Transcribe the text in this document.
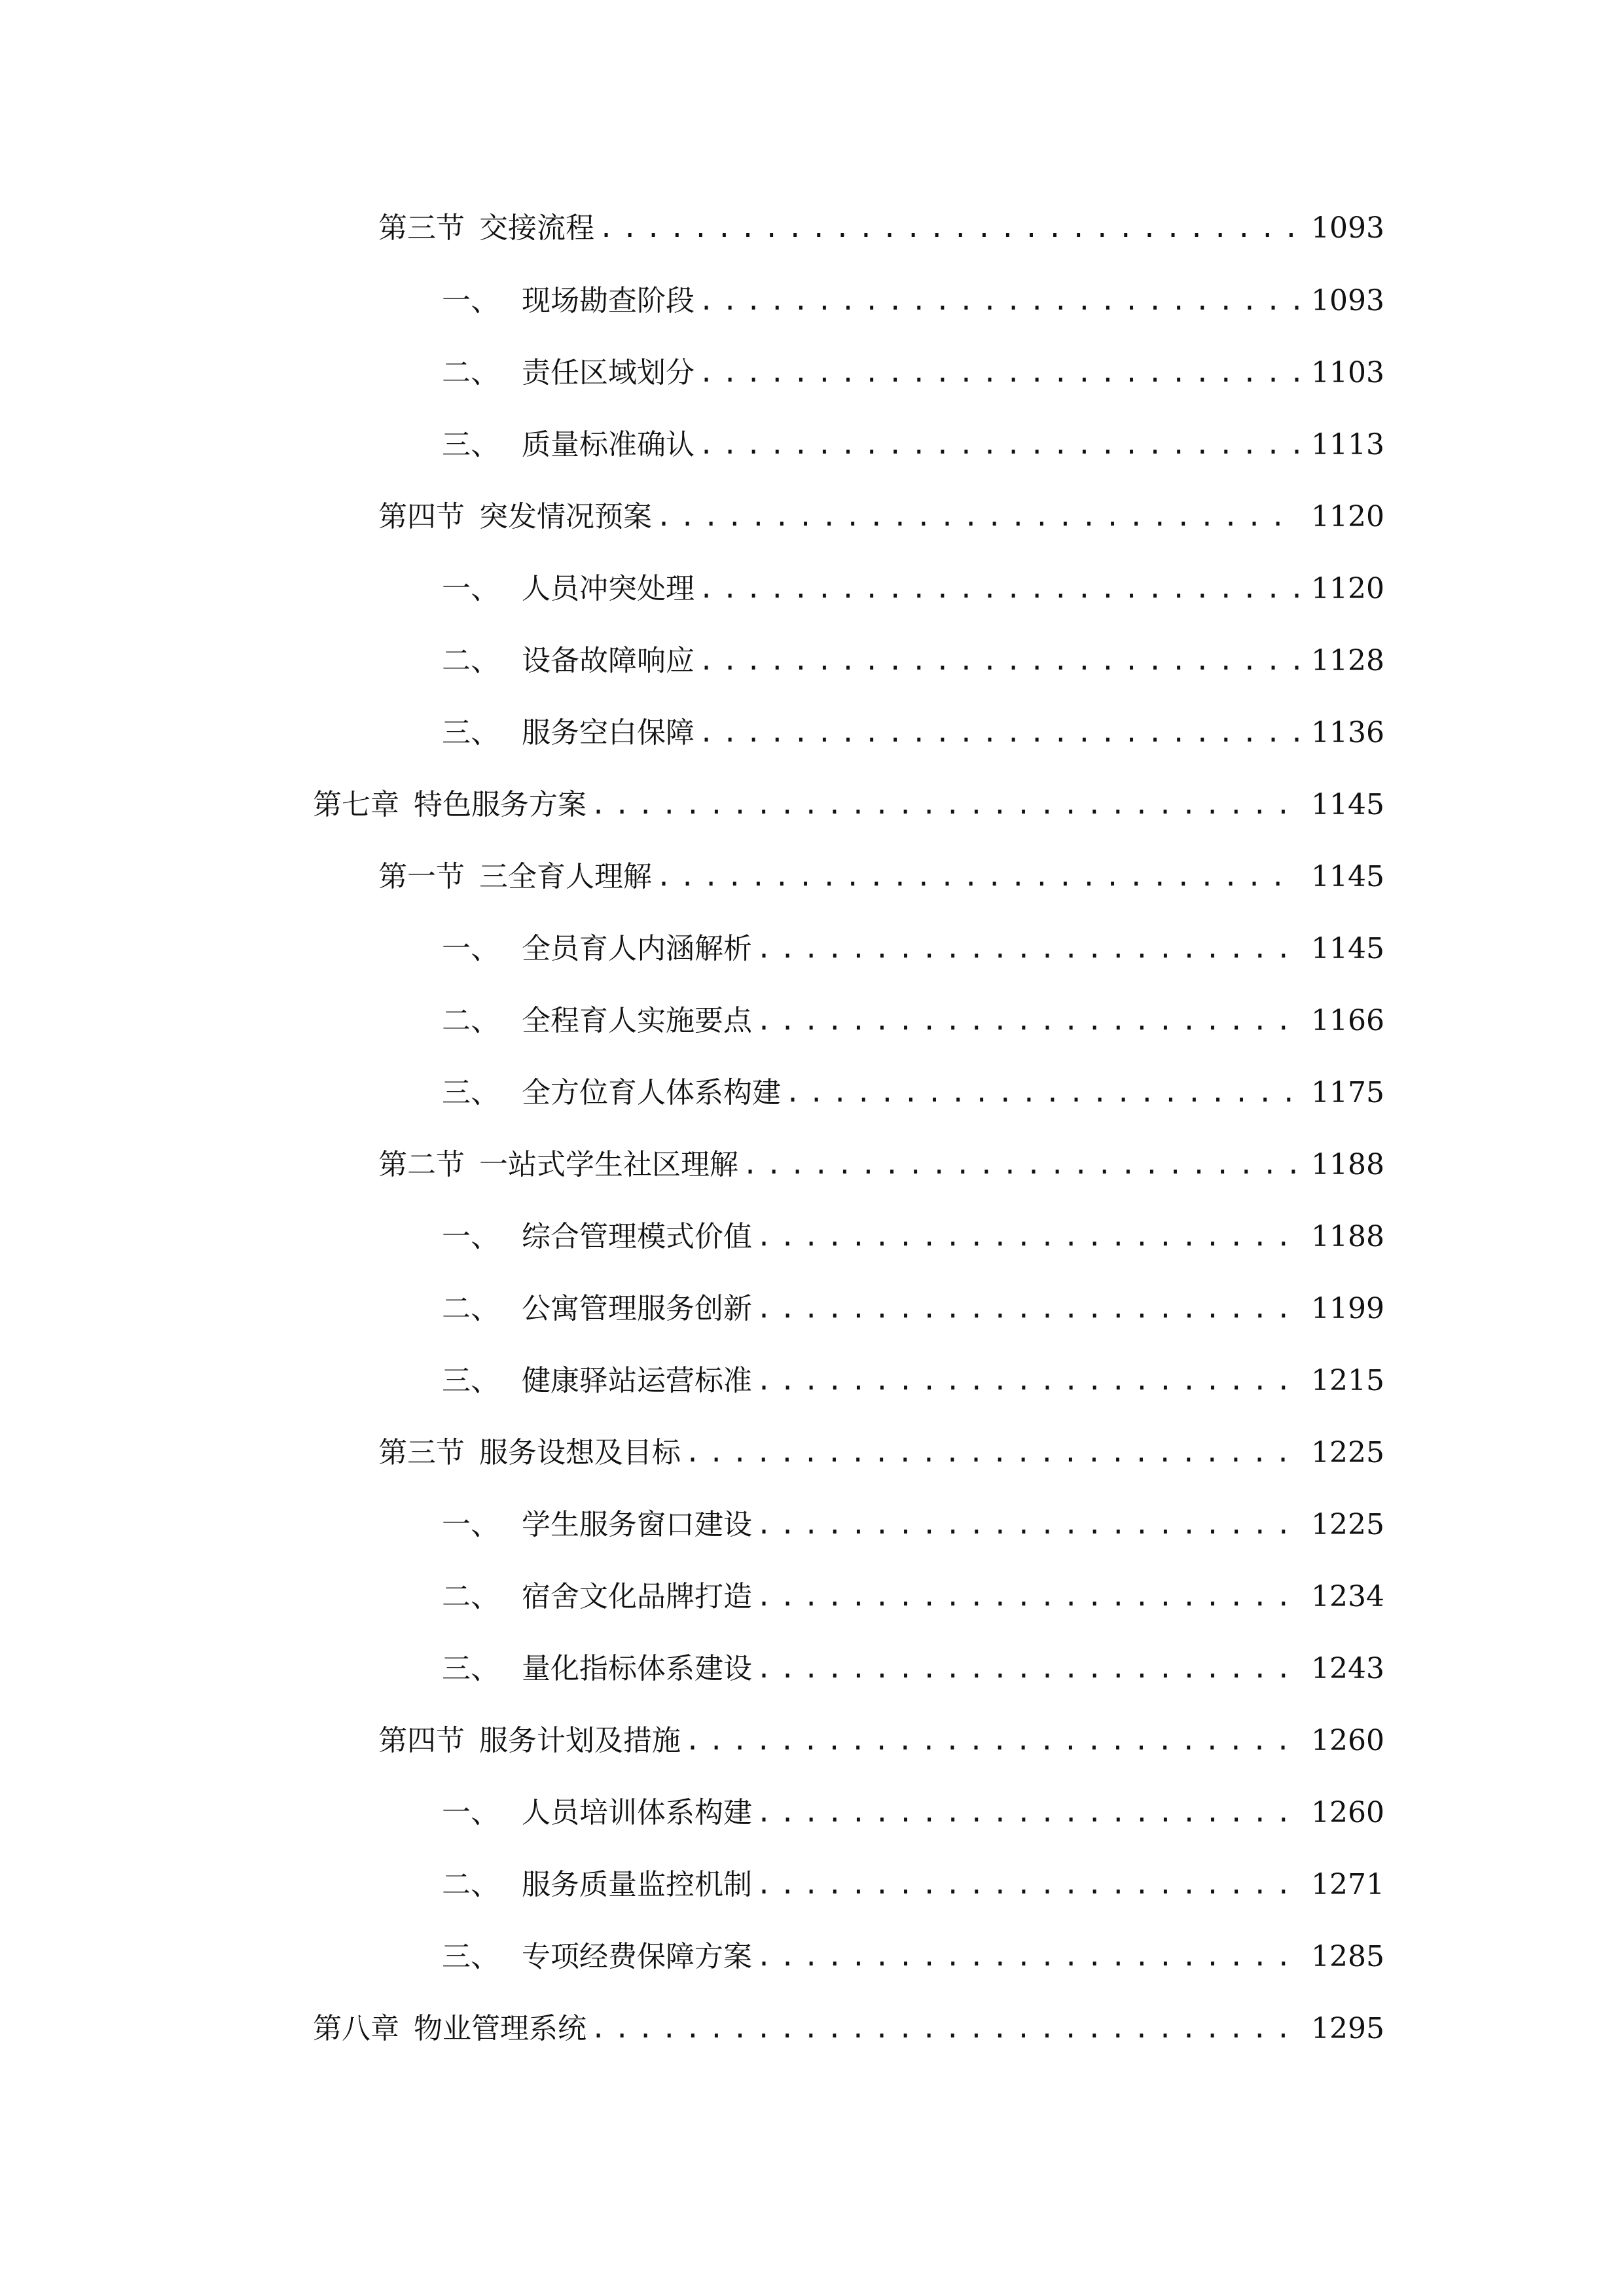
第三节 交接流程 .....	1093
一、 现场勘查阶段 .....	1093
二、 责任区域划分 .....	1103
三、 质量标准确认 .....	1113
第四节 突发情况预案 .....	1120
一、 人员冲突处理 .....	1120
二、 设备故障响应 .....	1128
三、 服务空白保障 .....	1136
第七章 特色服务方案 .....	1145
第一节 三全育人理解 .....	1145
一、 全员育人内涵解析 .....	1145
二、 全程育人实施要点 .....	1166
三、 全方位育人体系构建 .....	1175
第二节 一站式学生社区理解 .....	1188
一、 综合管理模式价值 .....	1188
二、 公寓管理服务创新 .....	1199
三、 健康驿站运营标准 .....	1215
第三节 服务设想及目标 .....	1225
一、 学生服务窗口建设 .....	1225
二、 宿舍文化品牌打造 .....	1234
三、 量化指标体系建设 .....	1243
第四节 服务计划及措施 .....	1260
一、 人员培训体系构建 .....	1260
二、 服务质量监控机制 .....	1271
三、 专项经费保障方案 .....	1285
第八章 物业管理系统 .....	1295
